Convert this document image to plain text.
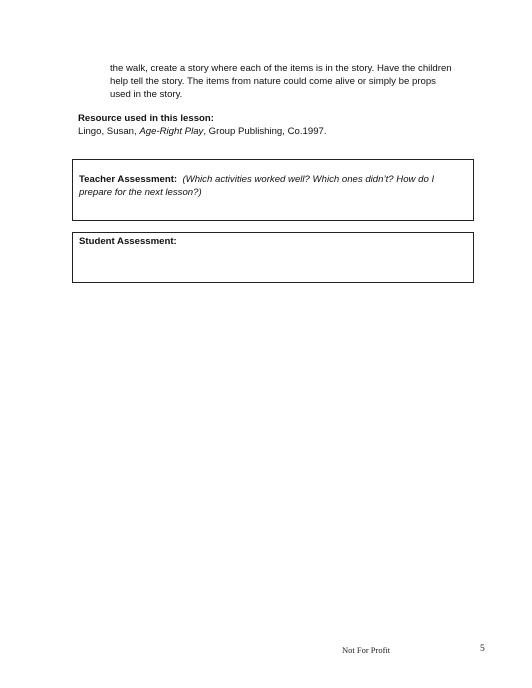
the walk, create a story where each of the items is in the story. Have the children
help tell the story. The items from nature could come alive or simply be props
used in the story.
Resource used in this lesson:
Lingo, Susan, Age-Right Play, Group Publishing, Co.1997.
Teacher Assessment: (Which activities worked well? Which ones didn’t? How do I prepare for the next lesson?)
Student Assessment:
Not For Profit	5
